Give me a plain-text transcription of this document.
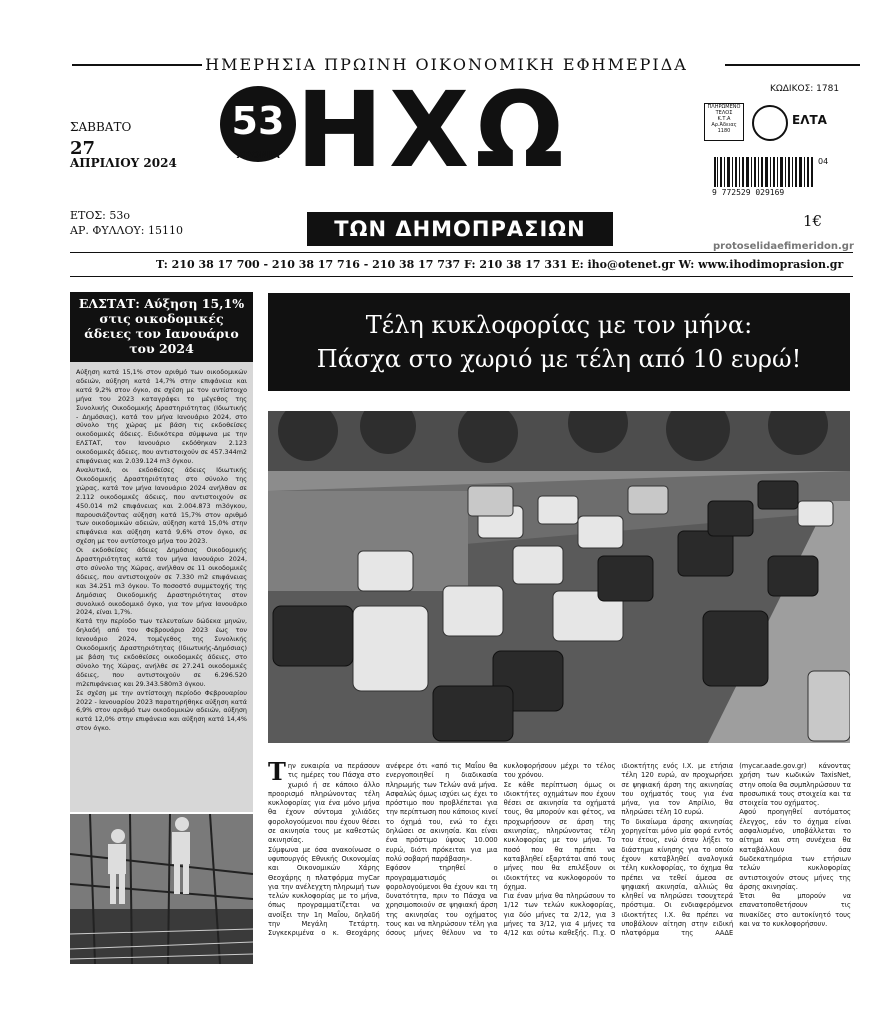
ΗΜΕΡΗΣΙΑ ΠΡΩΙΝΗ ΟΙΚΟΝΟΜΙΚΗ ΕΦΗΜΕΡΙΔΑ
ΣΑΒΒΑΤΟ
27
ΑΠΡΙΛΙΟΥ 2024
ΕΤΟΣ: 53ο
ΑΡ. ΦΥΛΛΟΥ: 15110
53
ΧΡΟΝΙΑ ΗΧΩ
ΤΩΝ ΔΗΜΟΠΡΑΣΙΩΝ
ΚΩΔΙΚΟΣ: 1781
ΠΛΗΡΩΜΕΝΟ
ΤΕΛΟΣ
Κ.Τ.Α
Αρ.Άδειας
1180
ΕΛΤΑ
9 772529 029169
04
1€
protoselidaefimeridon.gr
T: 210 38 17 700 - 210 38 17 716 - 210 38 17 737 F: 210 38 17 331 E: iho@otenet.gr W: www.ihodimoprasion.gr
ΕΛΣΤΑΤ: Αύξηση 15,1% στις οικοδομικές άδειες τον Ιανουάριο του 2024

Αύξηση κατά 15,1% στον αριθμό των οικοδομικών αδειών, αύξηση κατά 14,7% στην επιφάνεια και κατά 9,2% στον όγκο, σε σχέση με τον αντίστοιχο μήνα του 2023 καταγράφει το μέγεθος της Συνολικής Οικοδομικής Δραστηριότητας (Ιδιωτικής - Δημόσιας), κατά τον μήνα Ιανουάριο 2024, στο σύνολο της χώρας με βάση τις εκδοθείσες οικοδομικές άδειες. Ειδικότερα σύμφωνα με την ΕΛΣΤΑΤ, τον Ιανουάριο εκδόθηκαν 2.123 οικοδομικές άδειες, που αντιστοιχούν σε 457.344m2 επιφάνειας και 2.039.124 m3 όγκου.

Αναλυτικά, οι εκδοθείσες άδειες Ιδιωτικής Οικοδομικής Δραστηριότητας στο σύνολο της χώρας, κατά τον μήνα Ιανουάριο 2024 ανήλθαν σε 2.112 οικοδομικές άδειες, που αντιστοιχούν σε 450.014 m2 επιφάνειας και 2.004.873 m3όγκου, παρουσιάζοντας αύξηση κατά 15,7% στον αριθμό των οικοδομικών αδειών, αύξηση κατά 15,0% στην επιφάνεια και αύξηση κατά 9,6% στον όγκο, σε σχέση με τον αντίστοιχο μήνα του 2023.

Οι εκδοθείσες άδειες Δημόσιας Οικοδομικής Δραστηριότητας κατά τον μήνα Ιανουάριο 2024, στο σύνολο της Χώρας, ανήλθαν σε 11 οικοδομικές άδειες, που αντιστοιχούν σε 7.330 m2 επιφάνειας και 34.251 m3 όγκου. Το ποσοστό συμμετοχής της Δημόσιας Οικοδομικής Δραστηριότητας στον συνολικό οικοδομικό όγκο, για τον μήνα Ιανουάριο 2024, είναι 1,7%.

Κατά την περίοδο των τελευταίων δώδεκα μηνών, δηλαδή από τον Φεβρουάριο 2023 έως τον Ιανουάριο 2024, τομέγεθος της Συνολικής Οικοδομικής Δραστηριότητας (Ιδιωτικής-Δημόσιας) με βάση τις εκδοθείσες οικοδομικές άδειες, στο σύνολο της Χώρας, ανήλθε σε 27.241 οικοδομικές άδειες, που αντιστοιχούν σε 6.296.520 m2επιφάνειας και 29.343.580m3 όγκου.

Σε σχέση με την αντίστοιχη περίοδο Φεβρουαρίου 2022 - Ιανουαρίου 2023 παρατηρήθηκε αύξηση κατά 6,9% στον αριθμό των οικοδομικών αδειών, αύξηση κατά 12,0% στην επιφάνεια και αύξηση κατά 14,4% στον όγκο.

Τέλη κυκλοφορίας με τον μήνα:
Πάσχα στο χωριό με τέλη από 10 ευρώ!

Την ευκαιρία να περάσουν τις ημέρες του Πάσχα στο χωριό ή σε κάποιο άλλο προορισμό πληρώνοντας τέλη κυκλοφορίας για ένα μόνο μήνα θα έχουν σύντομα χιλιάδες φορολογούμενοι που έχουν θέσει σε ακινησία τους με καθεστώς ακινησίας.

Σύμφωνα με όσα ανακοίνωσε ο υφυπουργός Εθνικής Οικονομίας και Οικονομικών Χάρης Θεοχάρης η πλατφόρμα myCar για την ανέλεγχτη πληρωμή των τελών κυκλοφορίας με το μήνα, όπως προγραμματίζεται να ανοίξει την 1η Μαΐου, δηλαδή την Μεγάλη Τετάρτη. Συγκεκριμένα ο κ. Θεοχάρης ανέφερε ότι «από τις Μαΐου θα ενεργοποιηθεί η διαδικασία πληρωμής των Τελών ανά μήνα. Ασφαλώς όμως ισχύει ως έχει το πρόστιμο που προβλέπεται για την περίπτωση που κάποιος κινεί το όχημά του, ενώ το έχει δηλώσει σε ακινησία. Και είναι ένα πρόστιμο ύψους 10.000 ευρώ, διότι πρόκειται για μια πολύ σοβαρή παράβαση».

Εφόσον τηρηθεί ο προγραμματισμός οι φορολογούμενοι θα έχουν και τη δυνατότητα, πριν το Πάσχα να χρησιμοποιούν σε ψηφιακή άρση της ακινησίας του οχήματος τους και να πληρώσουν τέλη για όσους μήνες θέλουν να το κυκλοφορήσουν μέχρι το τέλος του χρόνου.

Σε κάθε περίπτωση όμως οι ιδιοκτήτες οχημάτων που έχουν θέσει σε ακινησία τα οχήματά τους, θα μπορούν και φέτος, να προχωρήσουν σε άρση της ακινησίας, πληρώνοντας τέλη κυκλοφορίας με τον μήνα. Το ποσό που θα πρέπει να καταβληθεί εξαρτάται από τους μήνες που θα επιλέξουν οι ιδιοκτήτες να κυκλοφορούν το όχημα.

Για έναν μήνα θα πληρώσουν το 1/12 των τελών κυκλοφορίας, για δύο μήνες τα 2/12, για 3 μήνες τα 3/12, για 4 μήνες τα 4/12 και ούτω καθεξής. Π.χ. Ο ιδιοκτήτης ενός I.X. με ετήσια τέλη 120 ευρώ, αν προχωρήσει σε ψηφιακή άρση της ακινησίας του οχήματός τους για ένα μήνα, για τον Απρίλιο, θα πληρώσει τέλη 10 ευρώ.

Το δικαίωμα άρσης ακινησίας χορηγείται μόνο μία φορά εντός του έτους, ενώ όταν λήξει το διάστημα κίνησης για το οποίο έχουν καταβληθεί αναλογικά τέλη κυκλοφορίας, το όχημα θα πρέπει να τεθεί άμεσα σε ψηφιακή ακινησία, αλλιώς θα κληθεί να πληρώσει τσουχτερά πρόστιμα. Οι ενδιαφερόμενοι ιδιοκτήτες I.X. θα πρέπει να υποβάλουν αίτηση στην ειδική πλατφόρμα της ΑΑΔΕ (mycar.aade.gov.gr) κάνοντας χρήση των κωδικών TaxisNet, στην οποία θα συμπληρώσουν τα προσωπικά τους στοιχεία και τα στοιχεία του οχήματος.

Αφού προηγηθεί αυτόματος έλεγχος, εάν το όχημα είναι ασφαλισμένο, υποβάλλεται το αίτημα και στη συνέχεια θα καταβάλλουν όσα δωδεκατημόρια των ετήσιων τελών κυκλοφορίας αντιστοιχούν στους μήνες της άρσης ακινησίας.

Έτσι θα μπορούν να επανατοποθετήσουν τις πινακίδες στο αυτοκίνητό τους και να το κυκλοφορήσουν.
